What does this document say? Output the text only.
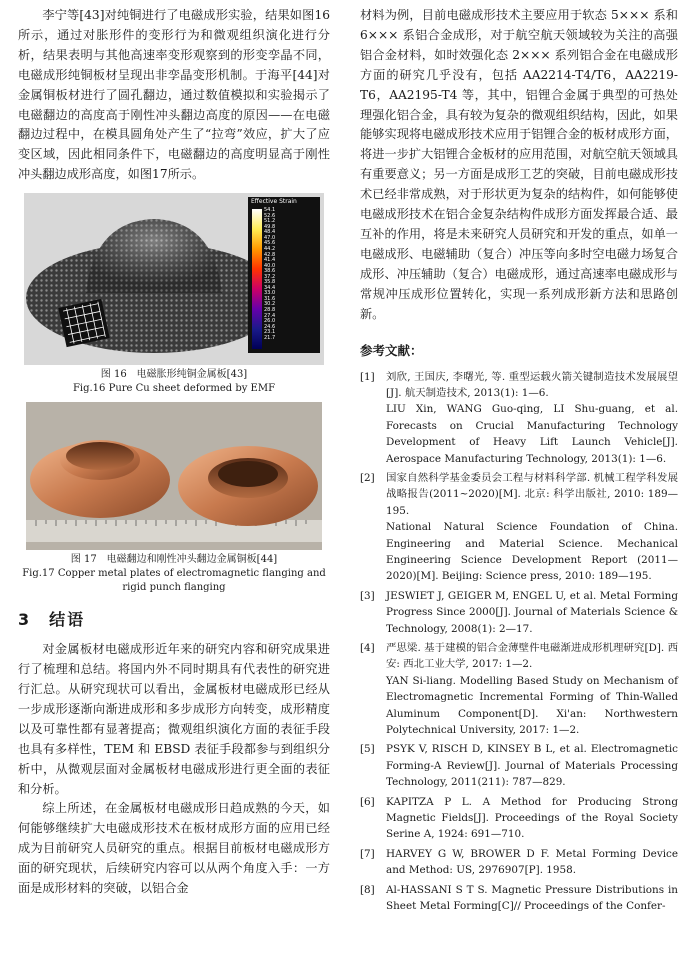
李宁等[43]对纯铜进行了电磁成形实验，结果如图16所示，通过对胀形件的变形行为和微观组织演化进行分析，结果表明与其他高速率变形观察到的形变孪晶不同，电磁成形纯铜板材呈现出非孪晶变形机制。于海平[44]对金属铜板材进行了圆孔翻边，通过数值模拟和实验揭示了电磁翻边的高度高于刚性冲头翻边高度的原因——在电磁翻边过程中，在模具圆角处产生了“拉弯”效应，扩大了应变区域，因此相同条件下，电磁翻边的高度明显高于刚性冲头翻边成形高度，如图17所示。

Effective Strain
54.1
52.6
51.2
49.8
48.4
47.0
45.6
44.2
42.8
41.4
40.0
38.6
37.2
35.8
34.4
33.0
31.6
30.2
28.8
27.4
26.0
24.6
23.1
21.7
图 16　电磁胀形纯铜金属板[43]
Fig.16 Pure Cu sheet deformed by EMF
图 17　电磁翻边和刚性冲头翻边金属铜板[44]
Fig.17 Copper metal plates of electromagnetic flanging and
rigid punch flanging
3　结语

对金属板材电磁成形近年来的研究内容和研究成果进行了梳理和总结。将国内外不同时期具有代表性的研究进行汇总。从研究现状可以看出，金属板材电磁成形已经从一步成形逐渐向渐进成形和多步成形方向转变，成形精度以及可靠性都有显著提高；微观组织演化方面的表征手段也具有多样性，TEM 和 EBSD 表征手段都参与到组织分析中，从微观层面对金属板材电磁成形进行更全面的表征和分析。

综上所述，在金属板材电磁成形日趋成熟的今天，如何能够继续扩大电磁成形技术在板材成形方面的应用已经成为目前研究人员研究的重点。根据目前板材电磁成形方面的研究现状，后续研究内容可以从两个角度入手：一方面是成形材料的突破，以铝合金

材料为例，目前电磁成形技术主要应用于软态 5××× 系和 6××× 系铝合金成形，对于航空航天领域较为关注的高强铝合金材料，如时效强化态 2××× 系列铝合金在电磁成形方面的研究几乎没有，包括 AA2214-T4/T6，AA2219-T6，AA2195-T4 等，其中，铝锂合金属于典型的可热处理强化铝合金，具有较为复杂的微观组织结构，因此，如果能够实现将电磁成形技术应用于铝锂合金的板材成形方面，将进一步扩大铝锂合金板材的应用范围，对航空航天领域具有重要意义；另一方面是成形工艺的突破，目前电磁成形技术已经非常成熟，对于形状更为复杂的结构件，如何能够使电磁成形技术在铝合金复杂结构件成形方面发挥最合适、最互补的作用，将是未来研究人员研究和开发的重点，如单一电磁成形、电磁辅助（复合）冲压等向多时空电磁力场复合成形、冲压辅助（复合）电磁成形，通过高速率电磁成形与常规冲压成形位置转化，实现一系列成形新方法和思路创新。

参考文献：
[1]	刘欣, 王国庆, 李曙光, 等. 重型运载火箭关键制造技术发展展望[J]. 航天制造技术, 2013(1): 1—6.
LIU Xin, WANG Guo-qing, LI Shu-guang, et al. Forecasts on Crucial Manufacturing Technology Development of Heavy Lift Launch Vehicle[J]. Aerospace Manufacturing Technology, 2013(1): 1—6.
[2]	国家自然科学基金委员会工程与材料科学部. 机械工程学科发展战略报告(2011~2020)[M]. 北京: 科学出版社, 2010: 189—195.
National Natural Science Foundation of China. Engineering and Material Science. Mechanical Engineering Science Development Report (2011—2020)[M]. Beijing: Science press, 2010: 189—195.
[3]	JESWIET J, GEIGER M, ENGEL U, et al. Metal Forming Progress Since 2000[J]. Journal of Materials Science & Technology, 2008(1): 2—17.
[4]	严思梁. 基于建模的铝合金薄壁件电磁渐进成形机理研究[D]. 西安: 西北工业大学, 2017: 1—2.
YAN Si-liang. Modelling Based Study on Mechanism of Electromagnetic Incremental Forming of Thin-Walled Aluminum Component[D]. Xi'an: Northwestern Polytechnical University, 2017: 1—2.
[5]	PSYK V, RISCH D, KINSEY B L, et al. Electromagnetic Forming-A Review[J]. Journal of Materials Processing Technology, 2011(211): 787—829.
[6]	KAPITZA P L. A Method for Producing Strong Magnetic Fields[J]. Proceedings of the Royal Society Serine A, 1924: 691—710.
[7]	HARVEY G W, BROWER D F. Metal Forming Device and Method: US, 2976907[P]. 1958.
[8]	Al-HASSANI S T S. Magnetic Pressure Distributions in Sheet Metal Forming[C]// Proceedings of the Confer-
